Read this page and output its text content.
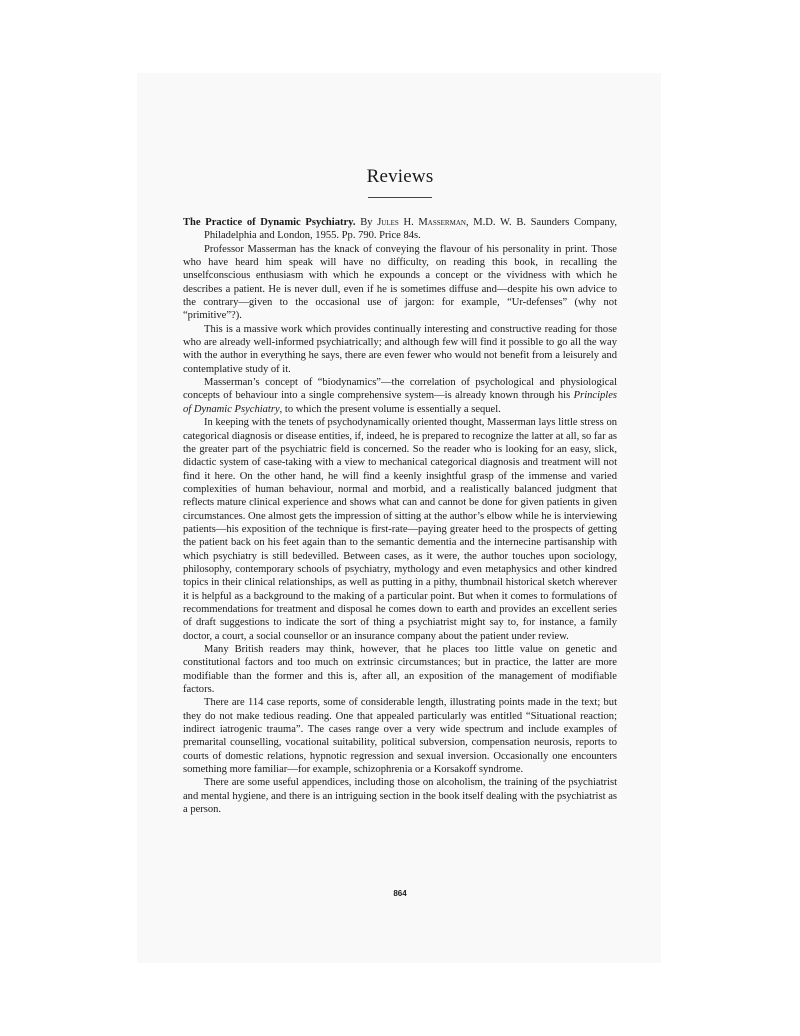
Reviews

The Practice of Dynamic Psychiatry. By Jules H. Masserman, M.D. W. B. Saunders Company, Philadelphia and London, 1955. Pp. 790. Price 84s.

Professor Masserman has the knack of conveying the flavour of his personality in print. Those who have heard him speak will have no difficulty, on reading this book, in recalling the unselfconscious enthusiasm with which he expounds a concept or the vividness with which he describes a patient. He is never dull, even if he is sometimes diffuse and—despite his own advice to the contrary—given to the occasional use of jargon: for example, “Ur-defenses” (why not “primitive”?).

This is a massive work which provides continually interesting and constructive reading for those who are already well-informed psychiatrically; and although few will find it possible to go all the way with the author in everything he says, there are even fewer who would not benefit from a leisurely and contemplative study of it.

Masserman’s concept of “biodynamics”—the correlation of psychological and physiological concepts of behaviour into a single comprehensive system—is already known through his Principles of Dynamic Psychiatry, to which the present volume is essentially a sequel.

In keeping with the tenets of psychodynamically oriented thought, Masserman lays little stress on categorical diagnosis or disease entities, if, indeed, he is prepared to recognize the latter at all, so far as the greater part of the psychiatric field is concerned. So the reader who is looking for an easy, slick, didactic system of case-taking with a view to mechanical categorical diagnosis and treatment will not find it here. On the other hand, he will find a keenly insightful grasp of the immense and varied complexities of human behaviour, normal and morbid, and a realistically balanced judgment that reflects mature clinical experience and shows what can and cannot be done for given patients in given circumstances. One almost gets the impression of sitting at the author’s elbow while he is interviewing patients—his exposition of the technique is first-rate—paying greater heed to the prospects of getting the patient back on his feet again than to the semantic dementia and the internecine partisanship with which psychiatry is still bedevilled. Between cases, as it were, the author touches upon sociology, philosophy, contemporary schools of psychiatry, mythology and even metaphysics and other kindred topics in their clinical relationships, as well as putting in a pithy, thumbnail historical sketch wherever it is helpful as a background to the making of a particular point. But when it comes to formulations of recommendations for treatment and disposal he comes down to earth and provides an excellent series of draft suggestions to indicate the sort of thing a psychiatrist might say to, for instance, a family doctor, a court, a social counsellor or an insurance company about the patient under review.

Many British readers may think, however, that he places too little value on genetic and constitutional factors and too much on extrinsic circumstances; but in practice, the latter are more modifiable than the former and this is, after all, an exposition of the management of modifiable factors.

There are 114 case reports, some of considerable length, illustrating points made in the text; but they do not make tedious reading. One that appealed particularly was entitled “Situational reaction; indirect iatrogenic trauma”. The cases range over a very wide spectrum and include examples of premarital counselling, vocational suitability, political subversion, compensation neurosis, reports to courts of domestic relations, hypnotic regression and sexual inversion. Occasionally one encounters something more familiar—for example, schizophrenia or a Korsakoff syndrome.

There are some useful appendices, including those on alcoholism, the training of the psychiatrist and mental hygiene, and there is an intriguing section in the book itself dealing with the psychiatrist as a person.

864
